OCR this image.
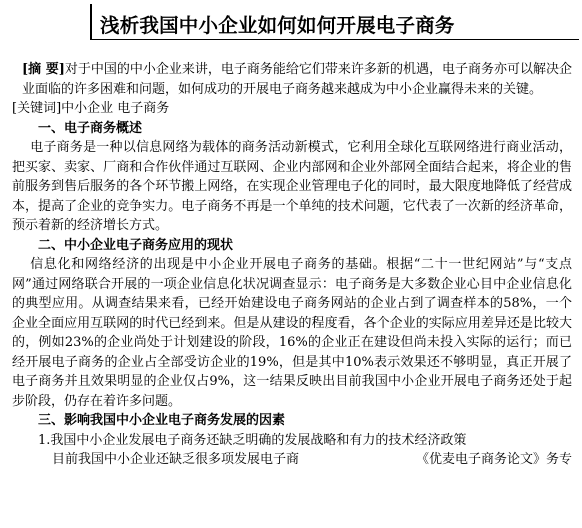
浅析我国中小企业如何如何开展电子商务

[摘 要]对于中国的中小企业来讲，电子商务能给它们带来许多新的机遇，电子商务亦可以解决企业面临的许多困难和问题，如何成功的开展电子商务越来越成为中小企业赢得未来的关键。

[关键词]中小企业 电子商务

一、电子商务概述

电子商务是一种以信息网络为载体的商务活动新模式，它利用全球化互联网络进行商业活动，把买家、卖家、厂商和合作伙伴通过互联网、企业内部网和企业外部网全面结合起来，将企业的售前服务到售后服务的各个环节搬上网络，在实现企业管理电子化的同时，最大限度地降低了经营成本，提高了企业的竞争实力。电子商务不再是一个单纯的技术问题，它代表了一次新的经济革命，预示着新的经济增长方式。

二、中小企业电子商务应用的现状

信息化和网络经济的出现是中小企业开展电子商务的基础。根据“二十一世纪网站”与“支点网”通过网络联合开展的一项企业信息化状况调查显示：电子商务是大多数企业心目中企业信息化的典型应用。从调查结果来看，已经开始建设电子商务网站的企业占到了调查样本的58%，一个企业全面应用互联网的时代已经到来。但是从建设的程度看，各个企业的实际应用差异还是比较大的，例如23%的企业尚处于计划建设的阶段，16%的企业正在建设但尚未投入实际的运行；而已经开展电子商务的企业占全部受访企业的19%，但是其中10%表示效果还不够明显，真正开展了电子商务并且效果明显的企业仅占9%，这一结果反映出目前我国中小企业开展电子商务还处于起步阶段，仍存在着许多问题。

三、影响我国中小企业电子商务发展的因素

1.我国中小企业发展电子商务还缺乏明确的发展战略和有力的技术经济政策

目前我国中小企业还缺乏很多项发展电子商	《优麦电子商务论文》务专
